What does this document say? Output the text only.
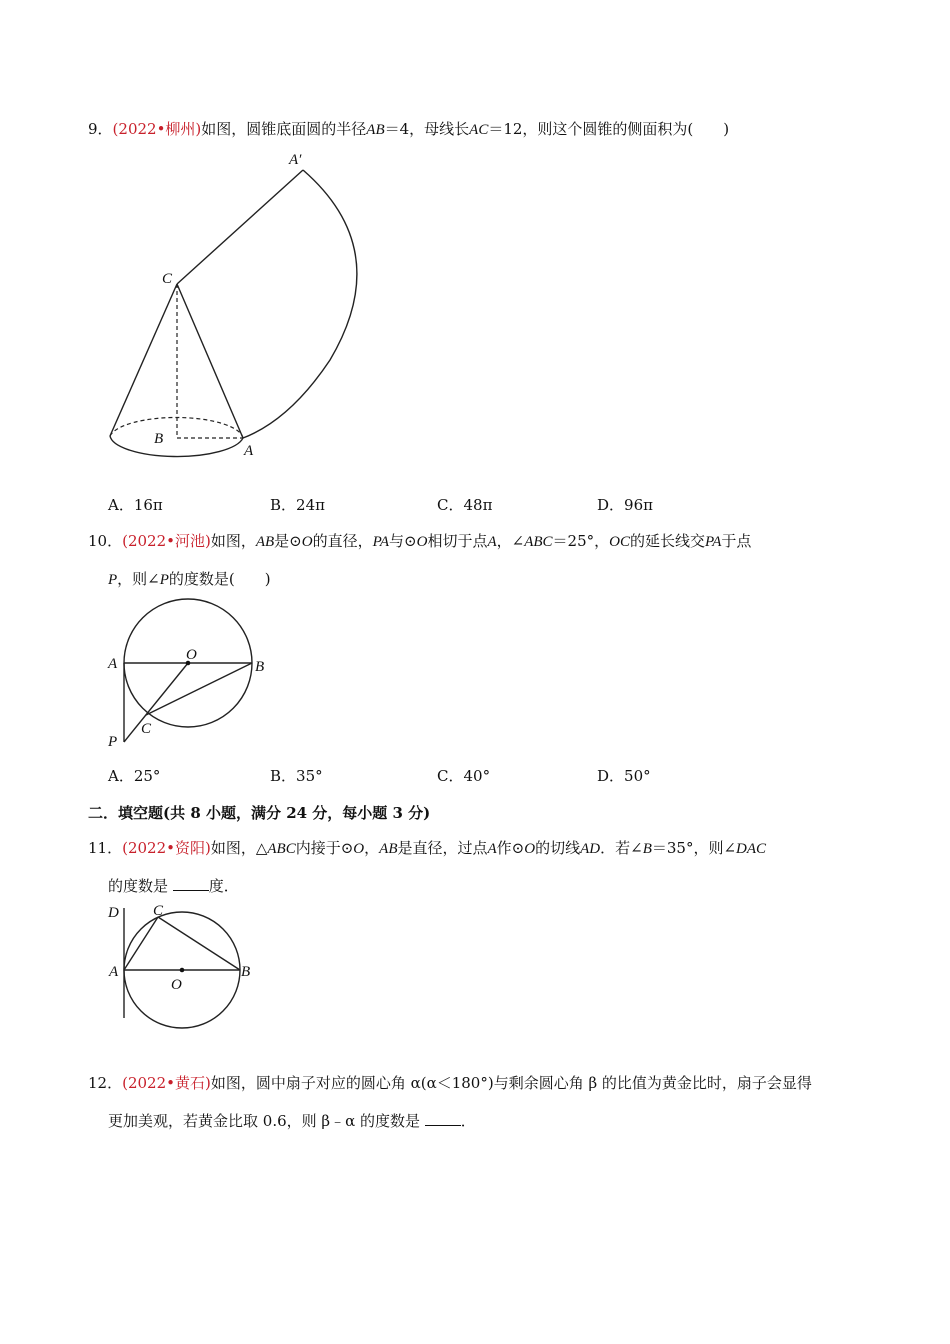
9．(2022•柳州)如图，圆锥底面圆的半径AB＝4，母线长AC＝12，则这个圆锥的侧面积为(　　)
A′
C
B
A
A．16π	B．24π	C．48π	D．96π
10．(2022•河池)如图，AB是⊙O的直径，PA与⊙O相切于点A，∠ABC＝25°，OC的延长线交PA于点
P，则∠P的度数是(　　)
O
A	B
C
P
A．25°	B．35°	C．40°	D．50°
二．填空题(共 8 小题，满分 24 分，每小题 3 分)
11．(2022•资阳)如图，△ABC内接于⊙O，AB是直径，过点A作⊙O的切线AD．若∠B＝35°，则∠DAC
的度数是	度．
D C
A	B
O
12．(2022•黄石)如图，圆中扇子对应的圆心角 α(α＜180°)与剩余圆心角 β 的比值为黄金比时，扇子会显得
更加美观，若黄金比取 0.6，则 β﹣α 的度数是	．
